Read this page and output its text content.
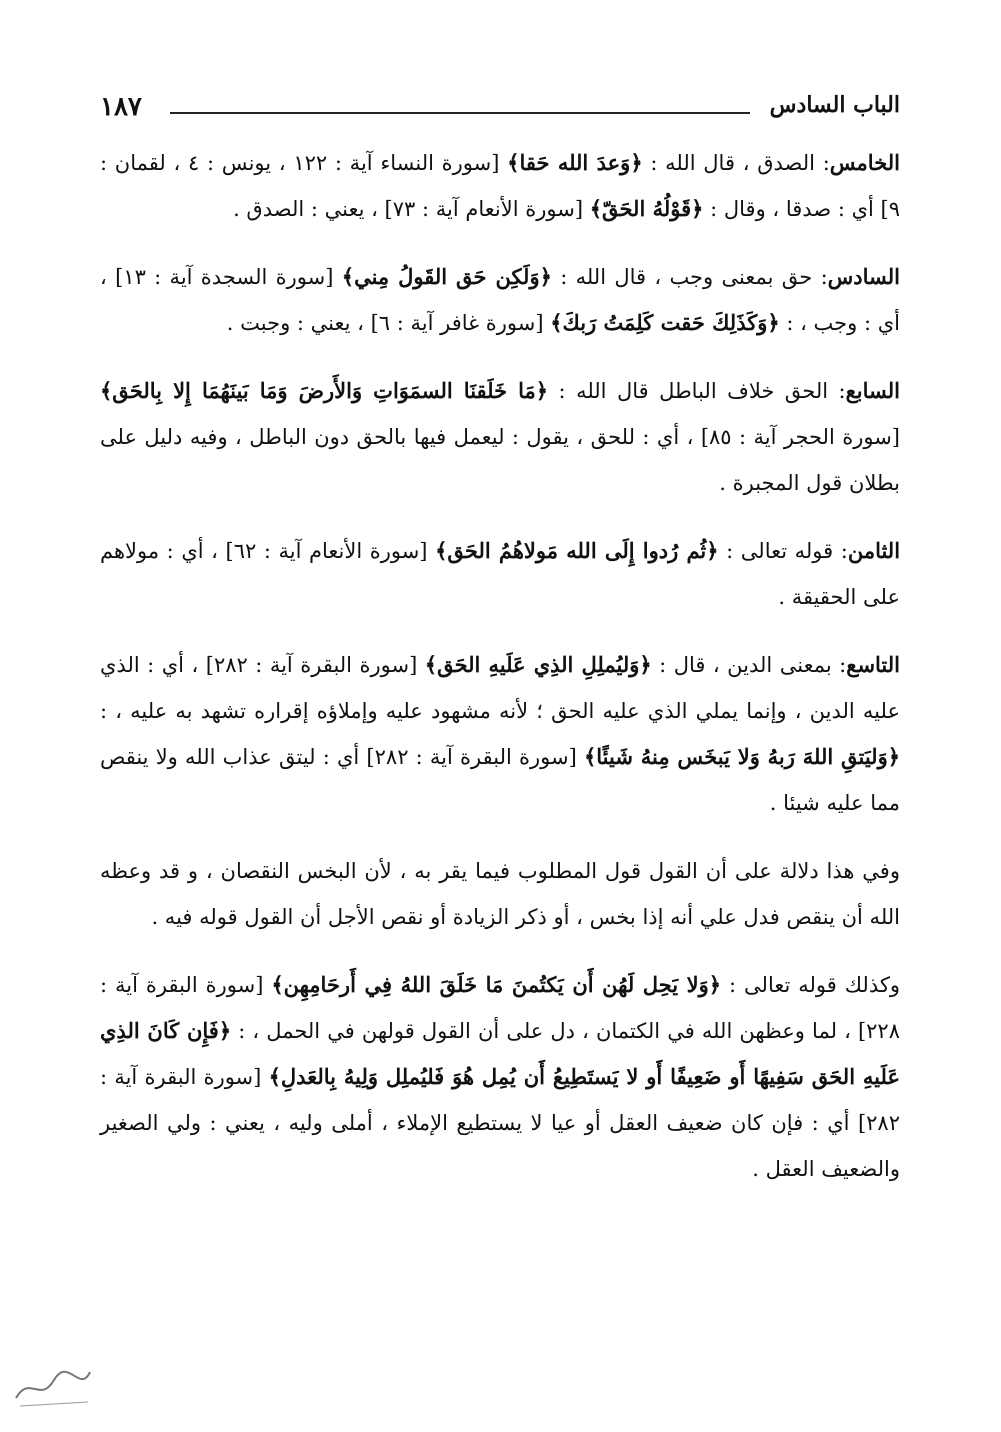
١٨٧	الباب السادس

الخامس: الصدق ، قال الله : ﴿وَعدَ الله حَقا﴾ [سورة النساء آية : ١٢٢ ، يونس : ٤ ، لقمان : ٩] أي : صدقا ، وقال : ﴿قَوْلُهُ الحَقّ﴾ [سورة الأنعام آية : ٧٣] ، يعني : الصدق .

السادس: حق بمعنى وجب ، قال الله : ﴿وَلَكِن حَق القَولُ مِني﴾ [سورة السجدة آية : ١٣] ، أي : وجب ، : ﴿وَكَذَلِكَ حَقت كَلِمَتُ رَبكَ﴾ [سورة غافر آية : ٦] ، يعني : وجبت .

السابع: الحق خلاف الباطل قال الله : ﴿مَا خَلَقنَا السمَوَاتِ وَالأَرضَ وَمَا بَينَهُمَا إِلا بِالحَق﴾ [سورة الحجر آية : ٨٥] ، أي : للحق ، يقول : ليعمل فيها بالحق دون الباطل ، وفيه دليل على بطلان قول المجبرة .

الثامن: قوله تعالى : ﴿ثُم رُدوا إِلَى الله مَولاهُمُ الحَق﴾ [سورة الأنعام آية : ٦٢] ، أي : مولاهم على الحقيقة .

التاسع: بمعنى الدين ، قال : ﴿وَليُملِلِ الذِي عَلَيهِ الحَق﴾ [سورة البقرة آية : ٢٨٢] ، أي : الذي عليه الدين ، وإنما يملي الذي عليه الحق ؛ لأنه مشهود عليه وإملاؤه إقراره تشهد به عليه ، : ﴿وَليَتقِ اللهَ رَبهُ وَلا يَبخَس مِنهُ شَيئًا﴾ [سورة البقرة آية : ٢٨٢] أي : ليتق عذاب الله ولا ينقص مما عليه شيئا .

وفي هذا دلالة على أن القول قول المطلوب فيما يقر به ، لأن البخس النقصان ، و قد وعظه الله أن ينقص فدل علي أنه إذا بخس ، أو ذكر الزيادة أو نقص الأجل أن القول قوله فيه .

وكذلك قوله تعالى : ﴿وَلا يَحِل لَهُن أَن يَكتُمنَ مَا خَلَقَ اللهُ فِي أَرحَامِهِن﴾ [سورة البقرة آية : ٢٢٨] ، لما وعظهن الله في الكتمان ، دل على أن القول قولهن في الحمل ، : ﴿فَإِن كَانَ الذِي عَلَيهِ الحَق سَفِيهًا أَو ضَعِيفًا أَو لا يَستَطِيعُ أَن يُمِل هُوَ فَليُملِل وَلِيهُ بِالعَدلِ﴾ [سورة البقرة آية : ٢٨٢] أي : فإن كان ضعيف العقل أو عيا لا يستطيع الإملاء ، أملى وليه ، يعني : ولي الصغير والضعيف العقل .
